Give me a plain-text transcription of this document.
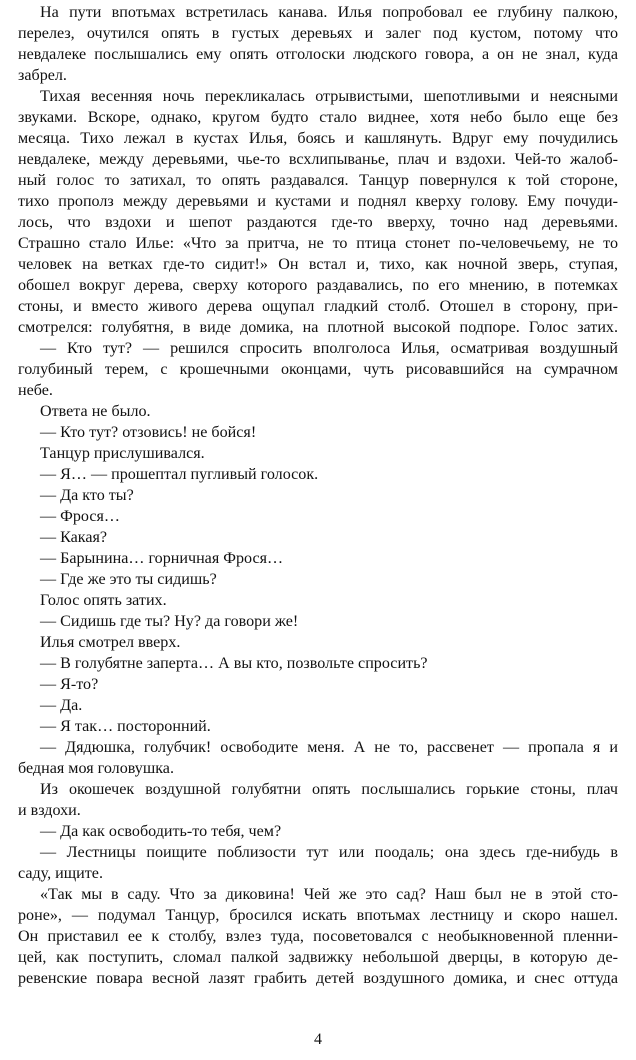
На пути впотьмах встретилась канава. Илья попробовал ее глубину палкою,
перелез, очутился опять в густых деревьях и залег под кустом, потому что
невдалеке послышались ему опять отголоски людского говора, а он не знал, куда
забрел.
Тихая весенняя ночь перекликалась отрывистыми, шепотливыми и неясными
звуками. Вскоре, однако, кругом будто стало виднее, хотя небо было еще без
месяца. Тихо лежал в кустах Илья, боясь и кашлянуть. Вдруг ему почудились
невдалеке, между деревьями, чье-то всхлипыванье, плач и вздохи. Чей-то жалоб-
ный голос то затихал, то опять раздавался. Танцур повернулся к той стороне,
тихо прополз между деревьями и кустами и поднял кверху голову. Ему почуди-
лось, что вздохи и шепот раздаются где-то вверху, точно над деревьями.
Страшно стало Илье: «Что за притча, не то птица стонет по-человечьему, не то
человек на ветках где-то сидит!» Он встал и, тихо, как ночной зверь, ступая,
обошел вокруг дерева, сверху которого раздавались, по его мнению, в потемках
стоны, и вместо живого дерева ощупал гладкий столб. Отошел в сторону, при-
смотрелся: голубятня, в виде домика, на плотной высокой подпоре. Голос затих.
— Кто тут? — решился спросить вполголоса Илья, осматривая воздушный
голубиный терем, с крошечными оконцами, чуть рисовавшийся на сумрачном
небе.
Ответа не было.
— Кто тут? отзовись! не бойся!
Танцур прислушивался.
— Я… — прошептал пугливый голосок.
— Да кто ты?
— Фрося…
— Какая?
— Барынина… горничная Фрося…
— Где же это ты сидишь?
Голос опять затих.
— Сидишь где ты? Ну? да говори же!
Илья смотрел вверх.
— В голубятне заперта… А вы кто, позвольте спросить?
— Я-то?
— Да.
— Я так… посторонний.
— Дядюшка, голубчик! освободите меня. А не то, рассвенет — пропала я и
бедная моя головушка.
Из окошечек воздушной голубятни опять послышались горькие стоны, плач
и вздохи.
— Да как освободить-то тебя, чем?
— Лестницы поищите поблизости тут или поодаль; она здесь где-нибудь в
саду, ищите.
«Так мы в саду. Что за диковина! Чей же это сад? Наш был не в этой сто-
роне», — подумал Танцур, бросился искать впотьмах лестницу и скоро нашел.
Он приставил ее к столбу, взлез туда, посоветовался с необыкновенной пленни-
цей, как поступить, сломал палкой задвижку небольшой дверцы, в которую де-
ревенские повара весной лазят грабить детей воздушного домика, и снес оттуда
4
